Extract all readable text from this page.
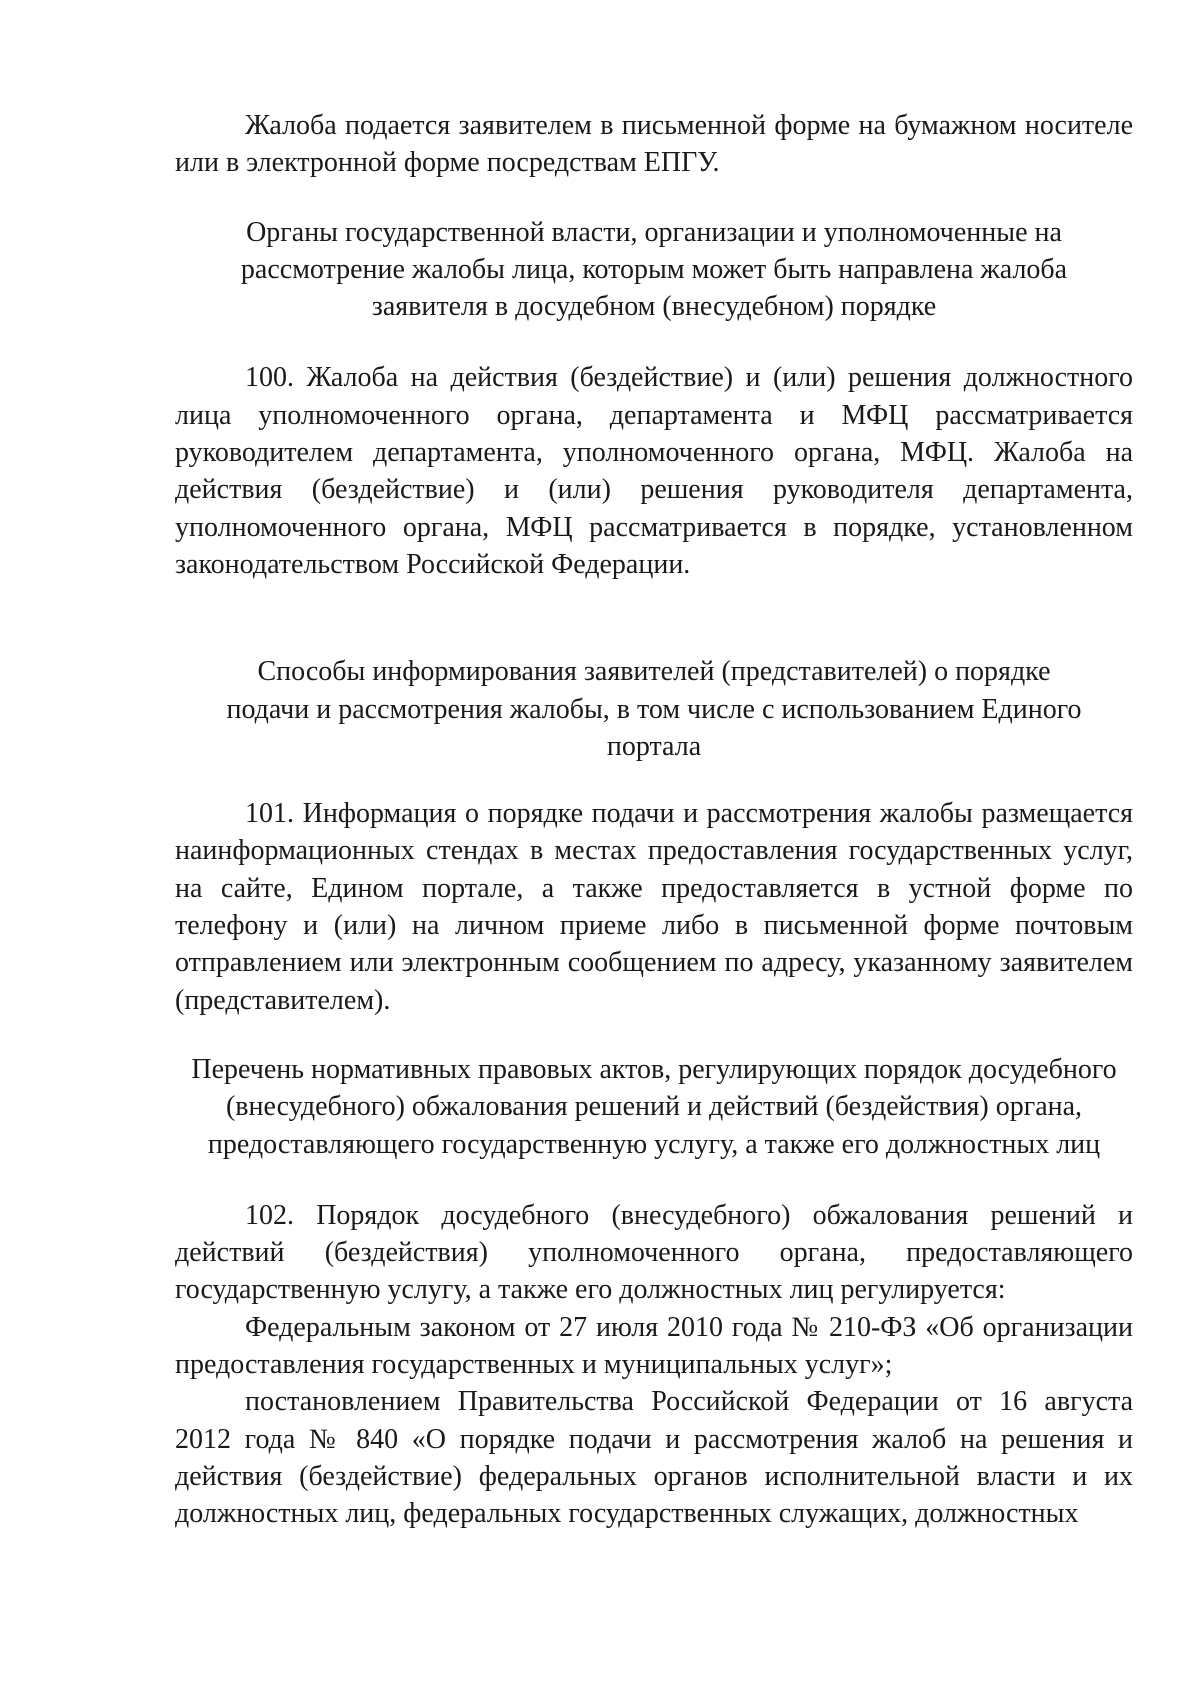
Жалоба подается заявителем в письменной форме на бумажном носителе или в электронной форме посредствам ЕПГУ.

Органы государственной власти, организации и уполномоченные на рассмотрение жалобы лица, которым может быть направлена жалоба заявителя в досудебном (внесудебном) порядке

100. Жалоба на действия (бездействие) и (или) решения должностного лица уполномоченного органа, департамента и МФЦ рассматривается руководителем департамента, уполномоченного органа, МФЦ. Жалоба на действия (бездействие) и (или) решения руководителя департамента, уполномоченного органа, МФЦ рассматривается в порядке, установленном законодательством Российской Федерации.

Способы информирования заявителей (представителей) о порядке подачи и рассмотрения жалобы, в том числе с использованием Единого портала

101. Информация о порядке подачи и рассмотрения жалобы размещается наинформационных стендах в местах предоставления государственных услуг, на сайте, Едином портале, а также предоставляется в устной форме по телефону и (или) на личном приеме либо в письменной форме почтовым отправлением или электронным сообщением по адресу, указанному заявителем (представителем).

Перечень нормативных правовых актов, регулирующих порядок досудебного (внесудебного) обжалования решений и действий (бездействия) органа, предоставляющего государственную услугу, а также его должностных лиц

102. Порядок досудебного (внесудебного) обжалования решений и действий (бездействия) уполномоченного органа, предоставляющего государственную услугу, а также его должностных лиц регулируется:

Федеральным законом от 27 июля 2010 года № 210-ФЗ «Об организации предоставления государственных и муниципальных услуг»;

постановлением Правительства Российской Федерации от 16 августа 2012 года № 840 «О порядке подачи и рассмотрения жалоб на решения и действия (бездействие) федеральных органов исполнительной власти и их должностных лиц, федеральных государственных служащих, должностных
